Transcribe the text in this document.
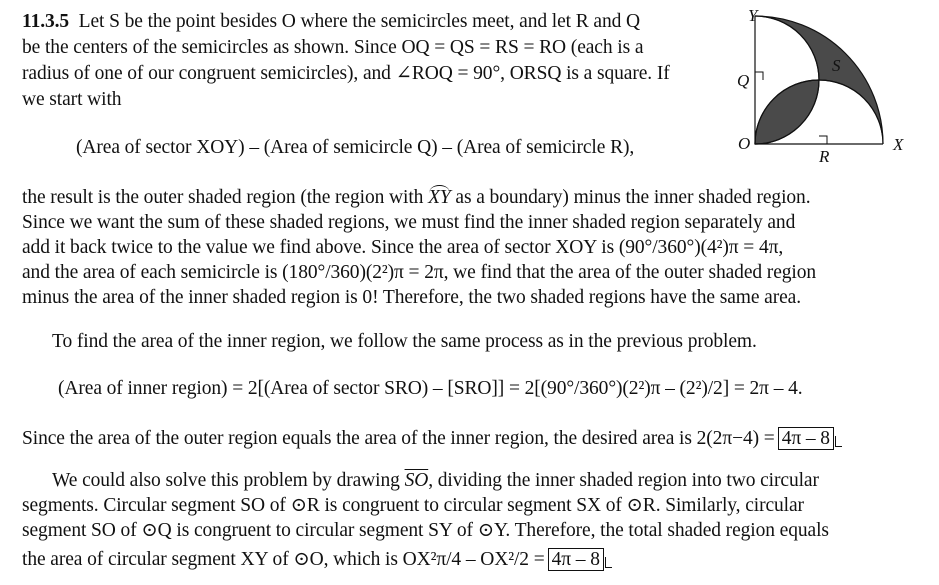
11.3.5 Let S be the point besides O where the semicircles meet, and let R and Q
be the centers of the semicircles as shown. Since OQ = QS = RS = RO (each is a
radius of one of our congruent semicircles), and ∠ROQ = 90°, ORSQ is a square. If
we start with
(Area of sector XOY) – (Area of semicircle Q) – (Area of semicircle R),
the result is the outer shaded region (the region with XY as a boundary) minus the inner shaded region.
Since we want the sum of these shaded regions, we must find the inner shaded region separately and
add it back twice to the value we find above. Since the area of sector XOY is (90°/360°)(4²)π = 4π,
and the area of each semicircle is (180°/360)(2²)π = 2π, we find that the area of the outer shaded region
minus the area of the inner shaded region is 0! Therefore, the two shaded regions have the same area.
To find the area of the inner region, we follow the same process as in the previous problem.
(Area of inner region) = 2[(Area of sector SRO) – [SRO]] = 2[(90°/360°)(2²)π – (2²)/2] = 2π – 4.
Since the area of the outer region equals the area of the inner region, the desired area is 2(2π−4) = 4π – 8
We could also solve this problem by drawing $\overline{SO}$, dividing the inner shaded region into two circular
segments. Circular segment SO of ⊙R is congruent to circular segment SX of ⊙R. Similarly, circular
segment SO of ⊙Q is congruent to circular segment SY of ⊙Y. Therefore, the total shaded region equals
the area of circular segment XY of ⊙O, which is OX²π/4 – OX²/2 = 4π – 8
Y
Q
S
O
R
X
